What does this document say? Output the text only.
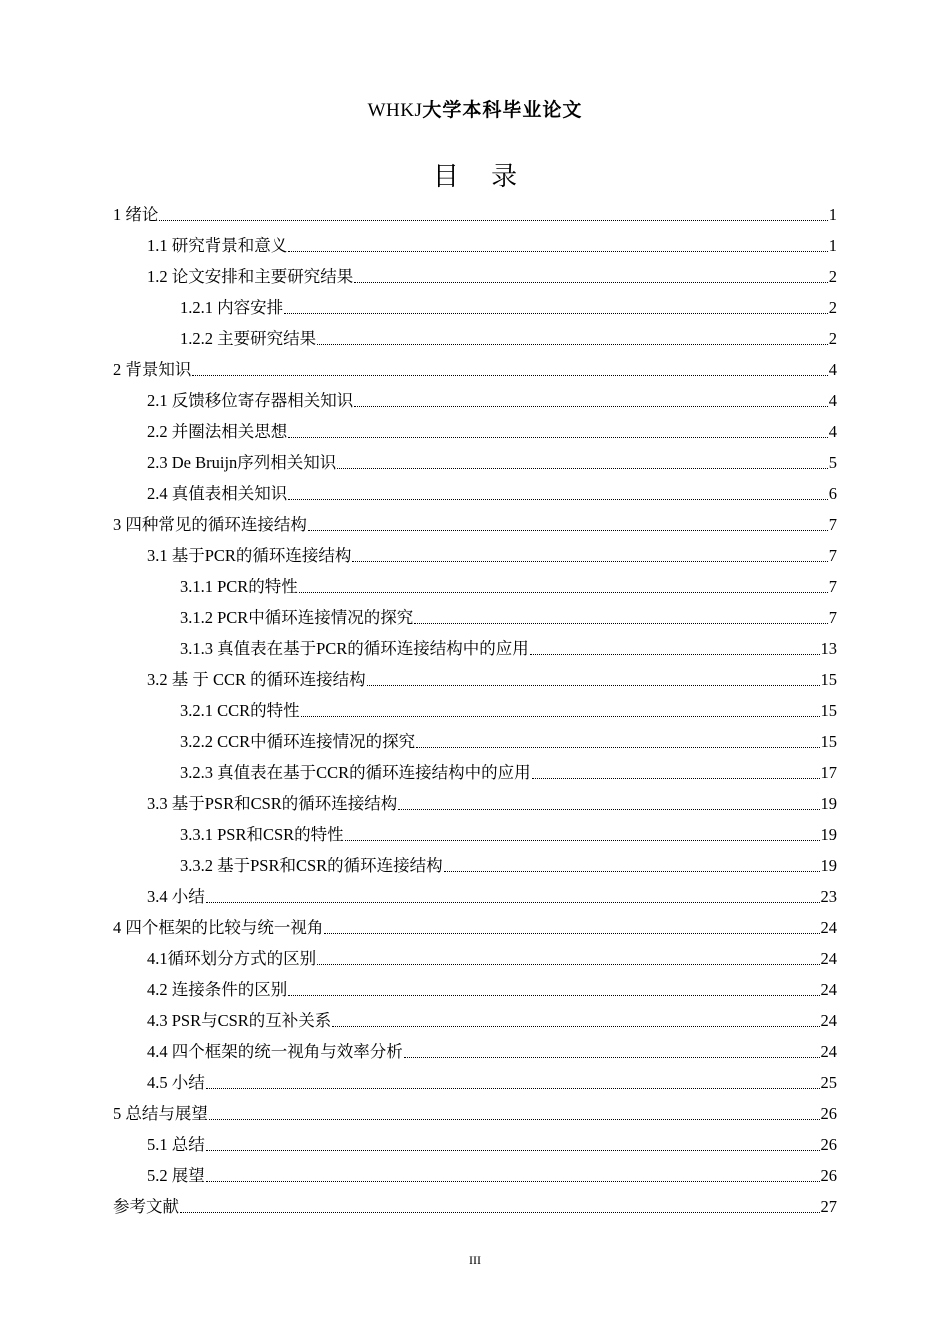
WHKJ大学本科毕业论文
目 录
1 绪论	1
1.1 研究背景和意义	1
1.2 论文安排和主要研究结果	2
1.2.1 内容安排	2
1.2.2 主要研究结果	2
2 背景知识	4
2.1 反馈移位寄存器相关知识	4
2.2 并圈法相关思想	4
2.3 De Bruijn序列相关知识	5
2.4 真值表相关知识	6
3 四种常见的循环连接结构	7
3.1 基于PCR的循环连接结构	7
3.1.1 PCR的特性	7
3.1.2 PCR中循环连接情况的探究	7
3.1.3 真值表在基于PCR的循环连接结构中的应用	13
3.2 基 于 CCR 的循环连接结构	15
3.2.1 CCR的特性	15
3.2.2 CCR中循环连接情况的探究	15
3.2.3 真值表在基于CCR的循环连接结构中的应用	17
3.3 基于PSR和CSR的循环连接结构	19
3.3.1 PSR和CSR的特性	19
3.3.2 基于PSR和CSR的循环连接结构	19
3.4 小结	23
4 四个框架的比较与统一视角	24
4.1循环划分方式的区别	24
4.2 连接条件的区别	24
4.3 PSR与CSR的互补关系	24
4.4 四个框架的统一视角与效率分析	24
4.5 小结	25
5 总结与展望	26
5.1 总结	26
5.2 展望	26
参考文献	27
III
